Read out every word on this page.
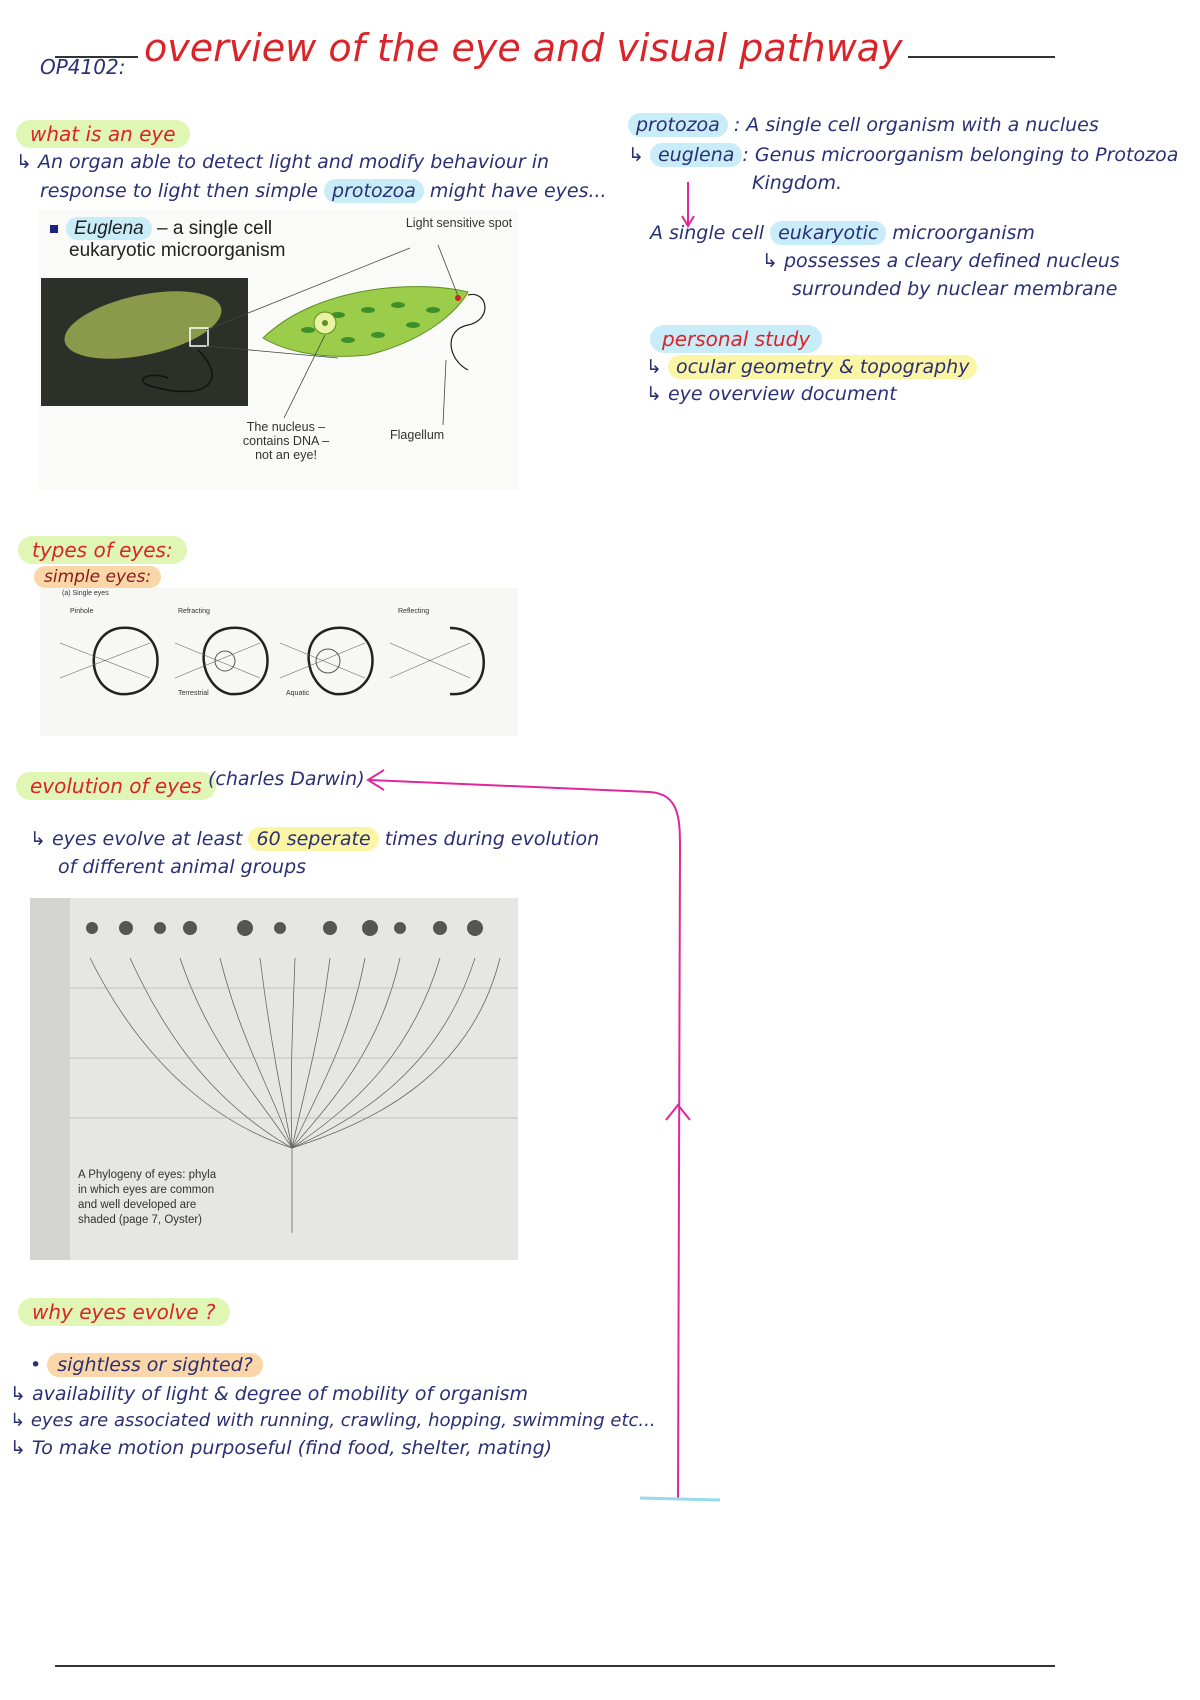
OP4102: overview of the eye and visual pathway
what is an eye
↳ An organ able to detect light and modify behaviour in
response to light then simple protozoa might have eyes...
Euglena – a single cell
eukaryotic microorganism
Light sensitive spot
The nucleus – contains DNA – not an eye!
Flagellum
protozoa : A single cell organism with a nuclues
↳ euglena : Genus microorganism belonging to Protozoa
Kingdom.
A single cell eukaryotic microorganism
↳ possesses a cleary defined nucleus
surrounded by nuclear membrane
personal study
↳ ocular geometry & topography
↳ eye overview document
types of eyes:
simple eyes:
(a) Single eyes
Pinhole	Refracting	Reflecting
Terrestrial	Aquatic
evolution of eyes (charles Darwin)
↳ eyes evolve at least 60 seperate times during evolution
of different animal groups
A Phylogeny of eyes: phyla in which eyes are common and well developed are shaded (page 7, Oyster)
why eyes evolve ?
• sightless or sighted?
↳ availability of light & degree of mobility of organism
↳ eyes are associated with running, crawling, hopping, swimming etc...
↳ To make motion purposeful (find food, shelter, mating)
